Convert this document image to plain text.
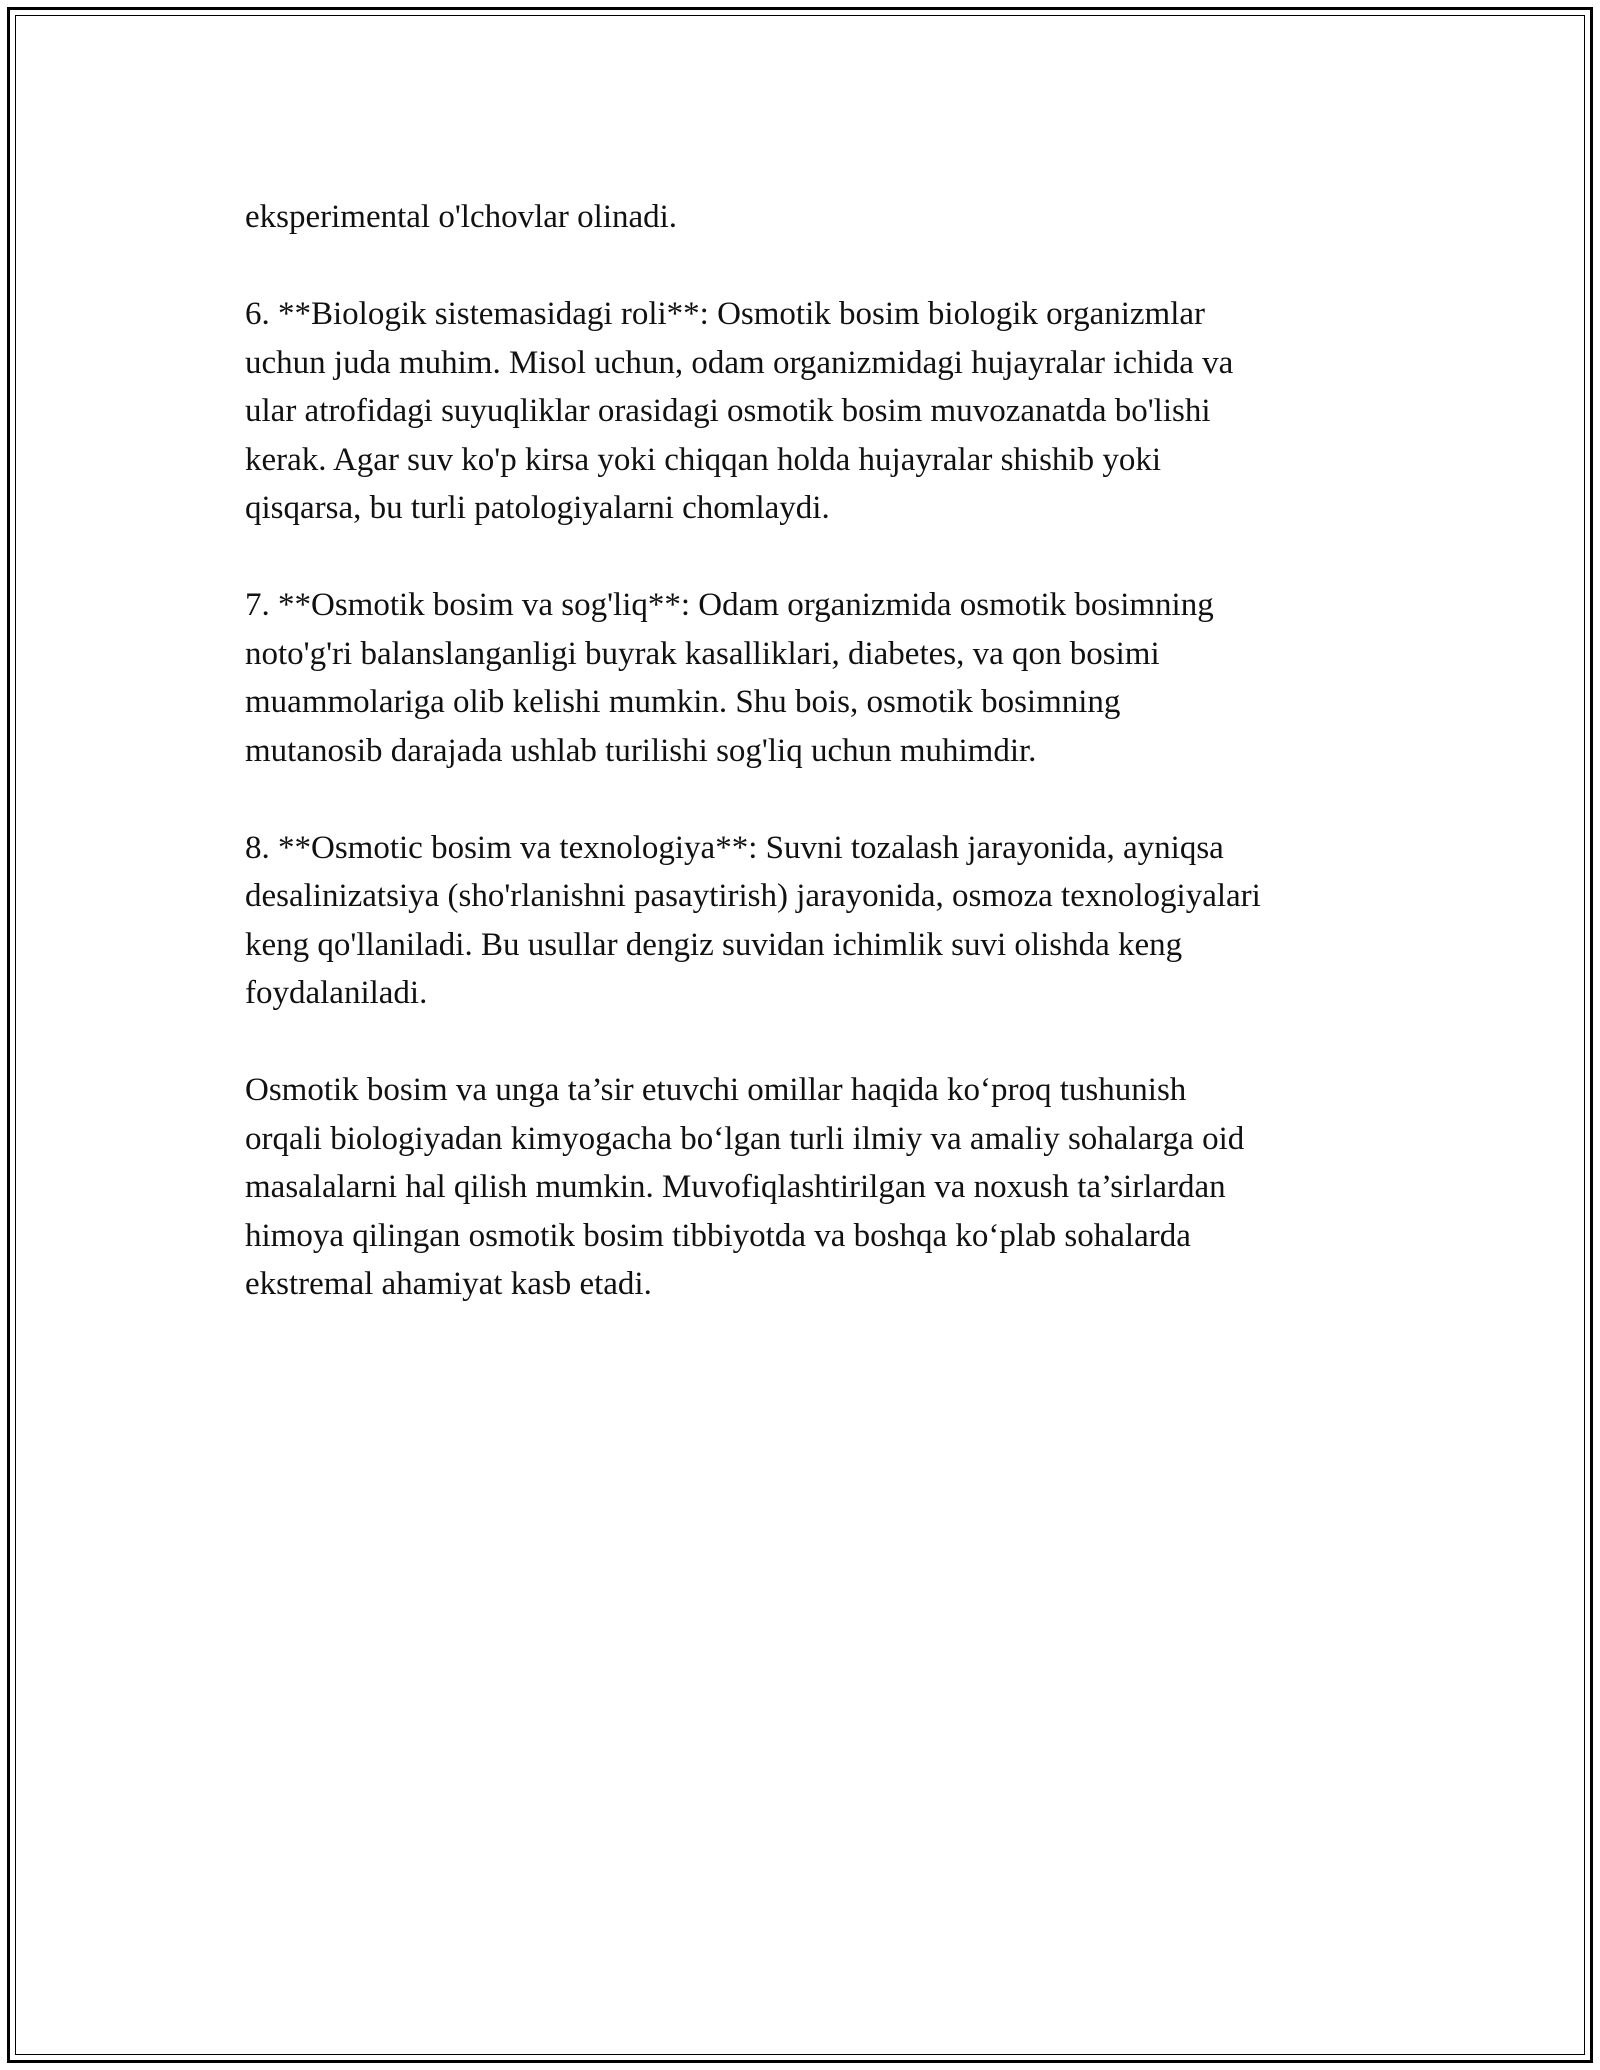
eksperimental o'lchovlar olinadi.

6. **Biologik sistemasidagi roli**: Osmotik bosim biologik organizmlar
uchun juda muhim. Misol uchun, odam organizmidagi hujayralar ichida va
ular atrofidagi suyuqliklar orasidagi osmotik bosim muvozanatda bo'lishi
kerak. Agar suv ko'p kirsa yoki chiqqan holda hujayralar shishib yoki
qisqarsa, bu turli patologiyalarni chomlaydi.

7. **Osmotik bosim va sog'liq**: Odam organizmida osmotik bosimning
noto'g'ri balanslanganligi buyrak kasalliklari, diabetes, va qon bosimi
muammolariga olib kelishi mumkin. Shu bois, osmotik bosimning
mutanosib darajada ushlab turilishi sog'liq uchun muhimdir.

8. **Osmotic bosim va texnologiya**: Suvni tozalash jarayonida, ayniqsa
desalinizatsiya (sho'rlanishni pasaytirish) jarayonida, osmoza texnologiyalari
keng qo'llaniladi. Bu usullar dengiz suvidan ichimlik suvi olishda keng
foydalaniladi.

Osmotik bosim va unga ta’sir etuvchi omillar haqida ko‘proq tushunish
orqali biologiyadan kimyogacha bo‘lgan turli ilmiy va amaliy sohalarga oid
masalalarni hal qilish mumkin. Muvofiqlashtirilgan va noxush ta’sirlardan
himoya qilingan osmotik bosim tibbiyotda va boshqa ko‘plab sohalarda
ekstremal ahamiyat kasb etadi.
